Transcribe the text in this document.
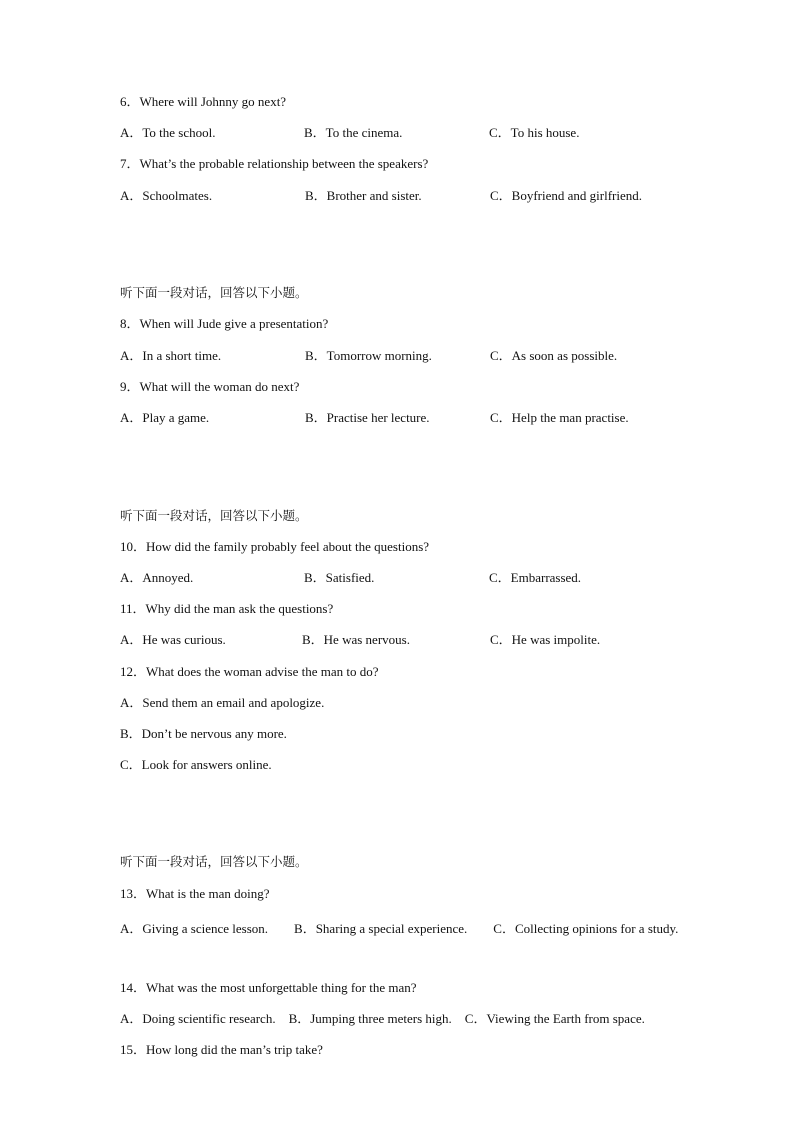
6．Where will Johnny go next?
A．To the school.	B．To the cinema.	C．To his house.
7．What’s the probable relationship between the speakers?
A．Schoolmates.	B．Brother and sister.	C．Boyfriend and girlfriend.
听下面一段对话，回答以下小题。
8．When will Jude give a presentation?
A．In a short time.	B．Tomorrow morning.	C．As soon as possible.
9．What will the woman do next?
A．Play a game.	B．Practise her lecture.	C．Help the man practise.
听下面一段对话，回答以下小题。
10．How did the family probably feel about the questions?
A．Annoyed.	B．Satisfied.	C．Embarrassed.
11．Why did the man ask the questions?
A．He was curious.	B．He was nervous.	C．He was impolite.
12．What does the woman advise the man to do?
A．Send them an email and apologize.
B．Don’t be nervous any more.
C．Look for answers online.
听下面一段对话，回答以下小题。
13．What is the man doing?
A．Giving a science lesson.　　B．Sharing a special experience.　　C．Collecting opinions for a study.
14．What was the most unforgettable thing for the man?
A．Doing scientific research.　B．Jumping three meters high.　C．Viewing the Earth from space.
15．How long did the man’s trip take?
